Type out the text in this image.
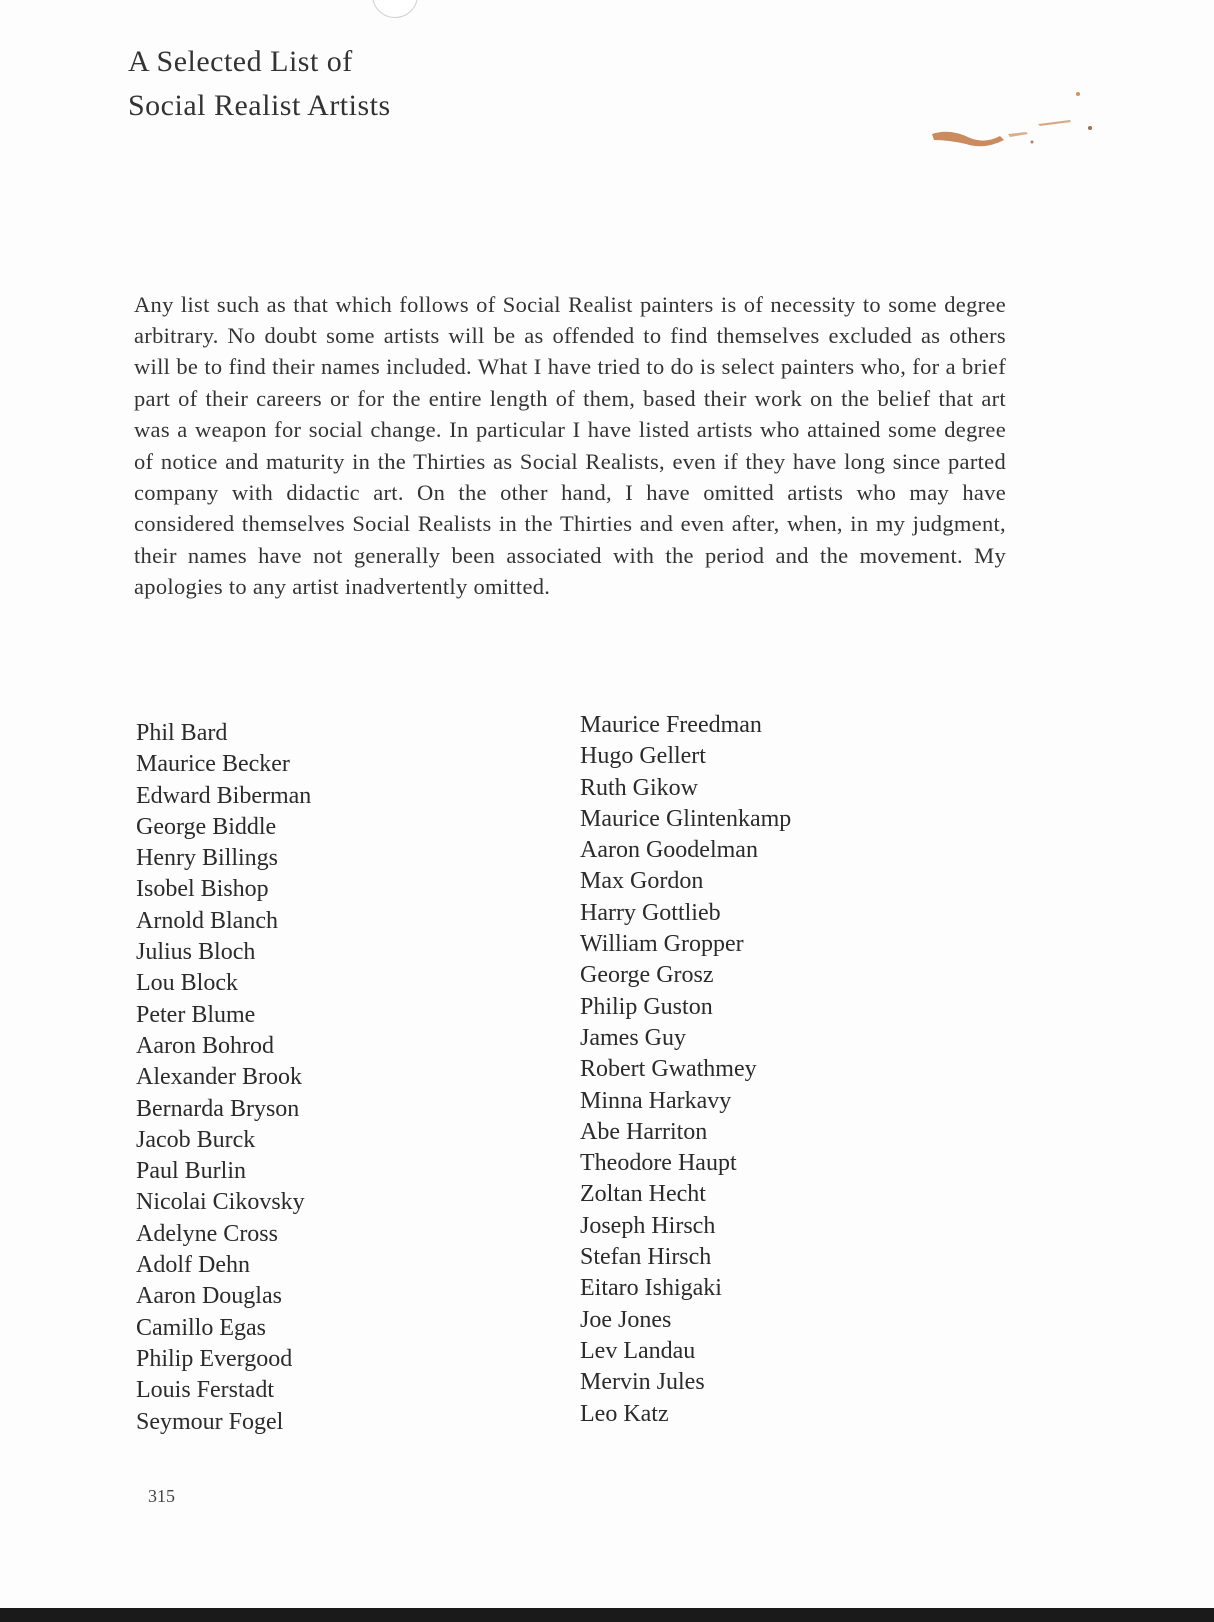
A Selected List of
Social Realist Artists

Any list such as that which follows of Social Realist painters is of necessity to some degree arbitrary. No doubt some artists will be as offended to find themselves excluded as others will be to find their names included. What I have tried to do is select painters who, for a brief part of their careers or for the entire length of them, based their work on the belief that art was a weapon for social change. In particular I have listed artists who attained some degree of notice and maturity in the Thirties as Social Realists, even if they have long since parted company with didactic art. On the other hand, I have omitted artists who may have considered themselves Social Realists in the Thirties and even after, when, in my judgment, their names have not generally been associated with the period and the movement. My apologies to any artist inadvertently omitted.

Phil Bard
Maurice Becker
Edward Biberman
George Biddle
Henry Billings
Isobel Bishop
Arnold Blanch
Julius Bloch
Lou Block
Peter Blume
Aaron Bohrod
Alexander Brook
Bernarda Bryson
Jacob Burck
Paul Burlin
Nicolai Cikovsky
Adelyne Cross
Adolf Dehn
Aaron Douglas
Camillo Egas
Philip Evergood
Louis Ferstadt
Seymour Fogel
Maurice Freedman
Hugo Gellert
Ruth Gikow
Maurice Glintenkamp
Aaron Goodelman
Max Gordon
Harry Gottlieb
William Gropper
George Grosz
Philip Guston
James Guy
Robert Gwathmey
Minna Harkavy
Abe Harriton
Theodore Haupt
Zoltan Hecht
Joseph Hirsch
Stefan Hirsch
Eitaro Ishigaki
Joe Jones
Lev Landau
Mervin Jules
Leo Katz
315
